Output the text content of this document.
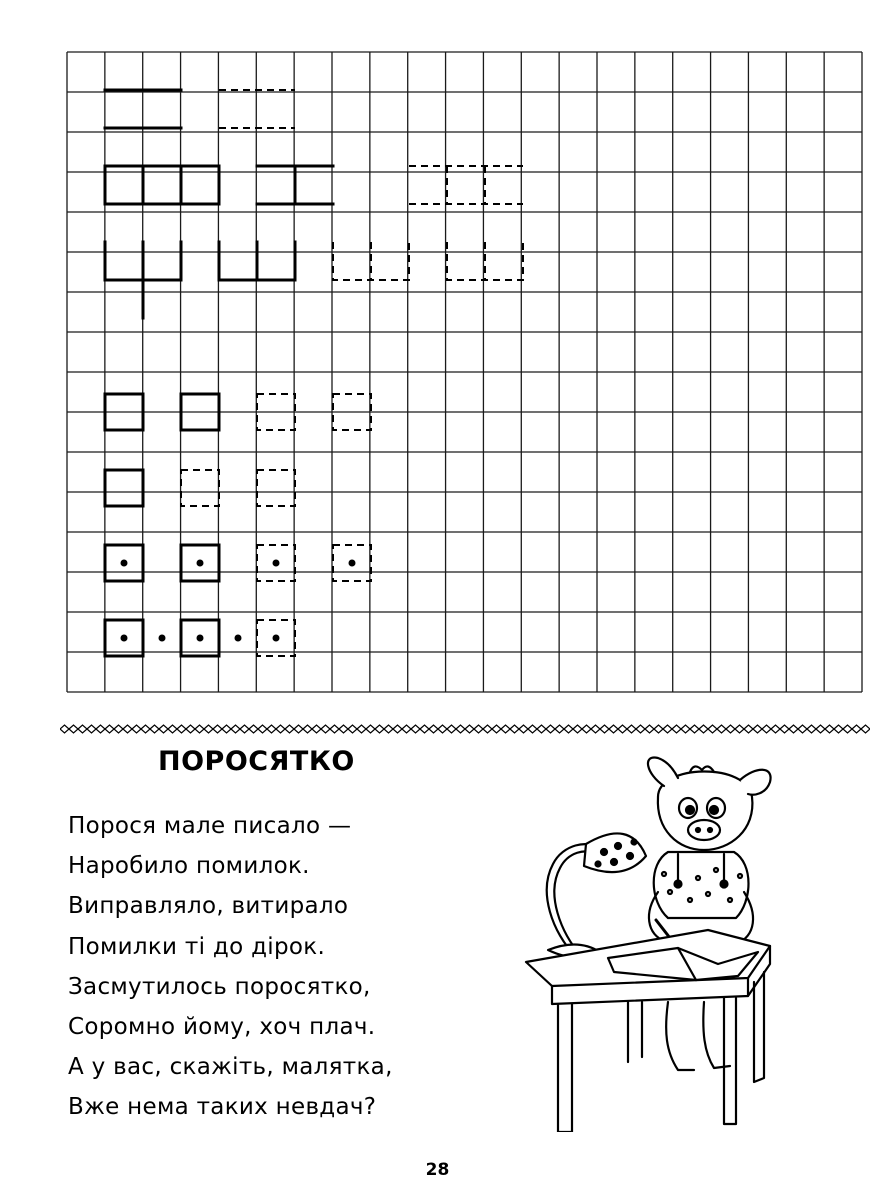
ПОРОСЯТКО
Порося мале писало —
Наробило помилок.
Виправляло, витирало
Помилки ті до дірок.
Засмутилось поросятко,
Соромно йому, хоч плач.
А у вас, скажіть, малятка,
Вже нема таких невдач?
28
